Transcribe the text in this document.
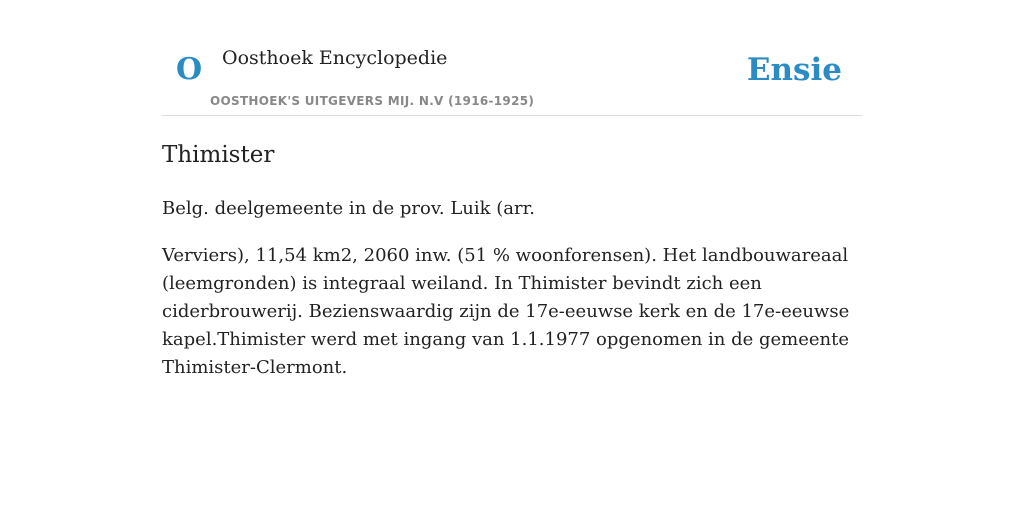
O Oosthoek Encyclopedie
OOSTHOEK'S UITGEVERS MIJ. N.V (1916-1925)
Ensie
Thimister

Belg. deelgemeente in de prov. Luik (arr.

Verviers), 11,54 km2, 2060 inw. (51 % woonforensen). Het landbouwareaal (leemgronden) is integraal weiland. In Thimister bevindt zich een ciderbrouwerij. Bezienswaardig zijn de 17e-eeuwse kerk en de 17e-eeuwse kapel.Thimister werd met ingang van 1.1.1977 opgenomen in de gemeente Thimister-Clermont.
